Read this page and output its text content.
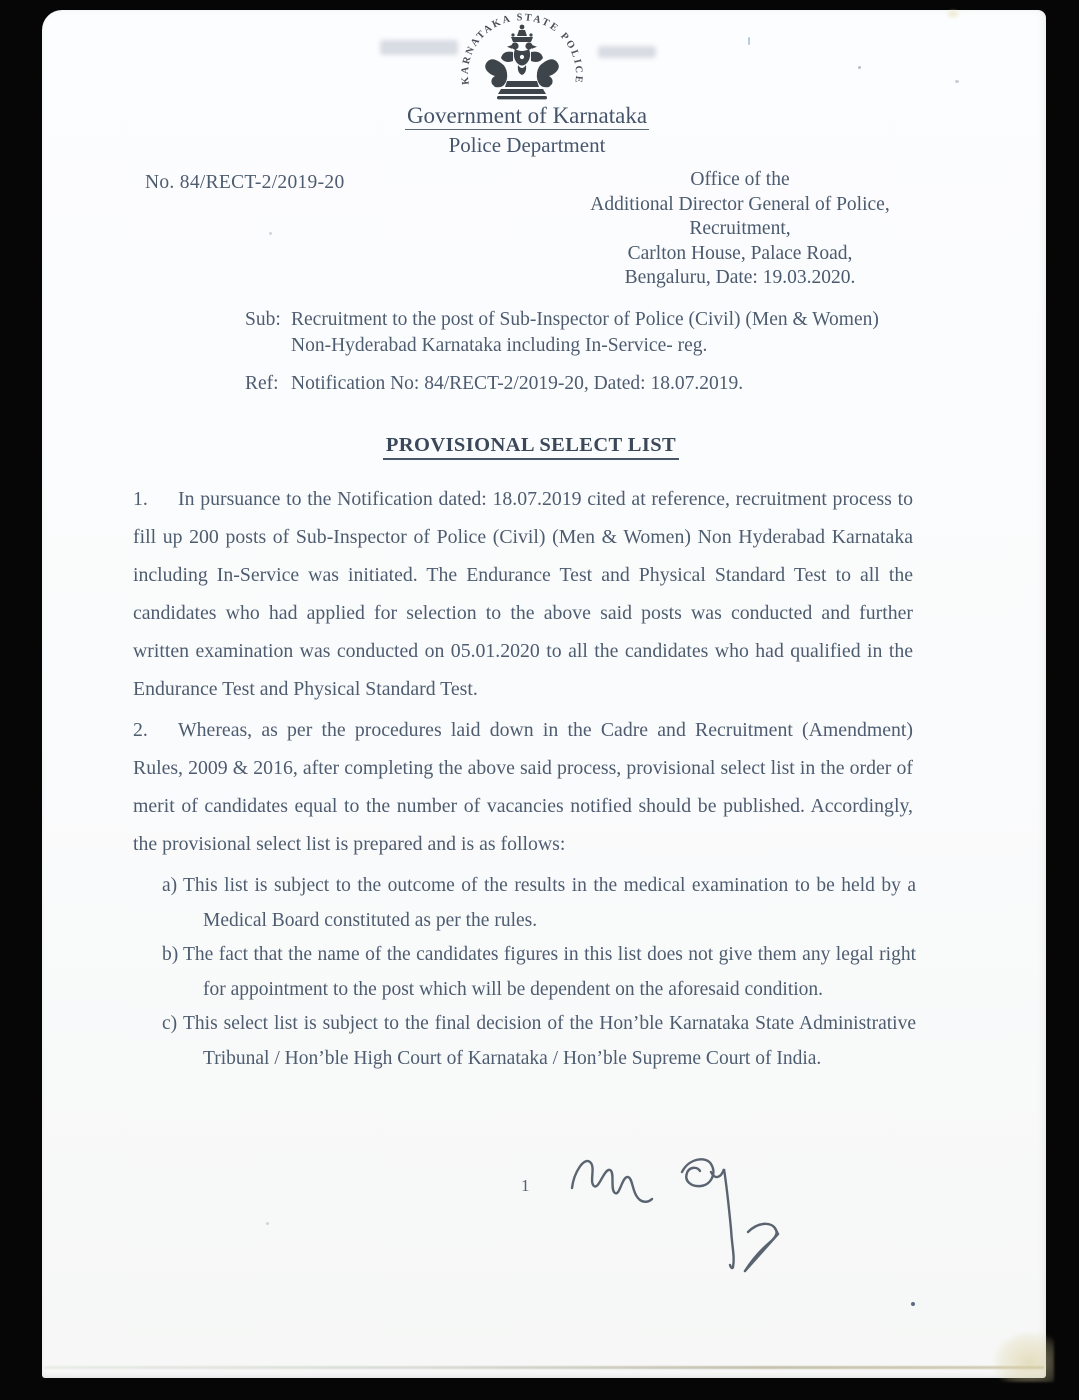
KARNATAKA STATE POLICE
Government of Karnataka
Police Department
No. 84/RECT-2/2019-20	Office of the
Additional Director General of Police,
Recruitment,
Carlton House, Palace Road,
Bengaluru, Date: 19.03.2020.
Sub: Recruitment to the post of Sub-Inspector of Police (Civil) (Men & Women)
Non-Hyderabad Karnataka including In-Service- reg.
Ref: Notification No: 84/RECT-2/2019-20, Dated: 18.07.2019.
PROVISIONAL SELECT LIST
1. In pursuance to the Notification dated: 18.07.2019 cited at reference, recruitment process to fill up 200 posts of Sub-Inspector of Police (Civil) (Men & Women) Non Hyderabad Karnataka including In-Service was initiated. The Endurance Test and Physical Standard Test to all the candidates who had applied for selection to the above said posts was conducted and further written examination was conducted on 05.01.2020 to all the candidates who had qualified in the Endurance Test and Physical Standard Test.
2. Whereas, as per the procedures laid down in the Cadre and Recruitment (Amendment) Rules, 2009 & 2016, after completing the above said process, provisional select list in the order of merit of candidates equal to the number of vacancies notified should be published. Accordingly, the provisional select list is prepared and is as follows:
a) This list is subject to the outcome of the results in the medical examination to be held by a Medical Board constituted as per the rules.
b) The fact that the name of the candidates figures in this list does not give them any legal right for appointment to the post which will be dependent on the aforesaid condition.
c) This select list is subject to the final decision of the Hon’ble Karnataka State Administrative Tribunal / Hon’ble High Court of Karnataka / Hon’ble Supreme Court of India.
1
